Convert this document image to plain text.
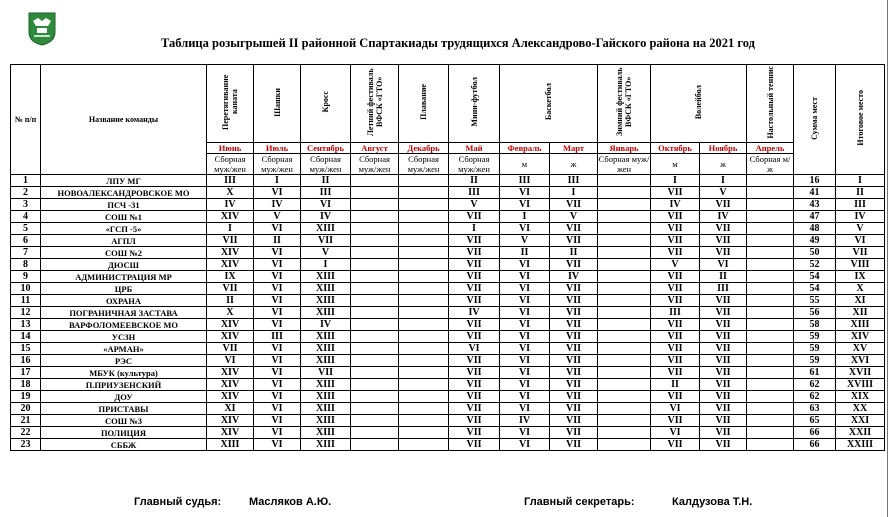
Таблица розыгрышей II районной Спартакиады трудящихся Александрово-Гайского района на 2021 год
№ п/п	Название команды	Перетягивание каната	Шашки	Кросс	Летний фестиваль ВФСК «ГТО»	Плавание	Мини-футбол	Баскетбол		Зимний фестиваль ВФСК «ГТО»	Волейбол		Настольный теннис	Сумма мест	Итоговое место
		Июнь	Июль	Сентябрь	Август	Декабрь	Май	Февраль	Март	Январь	Октябрь	Ноябрь	Апрель		
		Сборная муж/жен	Сборная муж/жен	Сборная муж/жен	Сборная муж/жен	Сборная муж/жен	Сборная муж/жен	м	ж	Сборная муж/жен	м	ж	Сборная м/ж		
1	ЛПУ МГ	III	I	II			II	III	III		I	I		16	I
2	НОВОАЛЕКСАНДРОВСКОЕ МО	X	VI	III			III	VI	I		VII	V		41	II
3	ПСЧ -31	IV	IV	VI			V	VI	VII		IV	VII		43	III
4	СОШ №1	XIV	V	IV			VII	I	V		VII	IV		47	IV
5	«ГСП -5»	I	VI	XIII			I	VI	VII		VII	VII		48	V
6	АГПЛ	VII	II	VII			VII	V	VII		VII	VII		49	VI
7	СОШ №2	XIV	VI	V			VII	II	II		VII	VII		50	VII
8	ДЮСШ	XIV	VI	I			VII	VI	VII		V	VI		52	VIII
9	АДМИНИСТРАЦИЯ МР	IX	VI	XIII			VII	VI	IV		VII	II		54	IX
10	ЦРБ	VII	VI	XIII			VII	VI	VII		VII	III		54	X
11	ОХРАНА	II	VI	XIII			VII	VI	VII		VII	VII		55	XI
12	ПОГРАНИЧНАЯ ЗАСТАВА	X	VI	XIII			IV	VI	VII		III	VII		56	XII
13	ВАРФОЛОМЕЕВСКОЕ МО	XIV	VI	IV			VII	VI	VII		VII	VII		58	XIII
14	УСЗН	XIV	III	XIII			VII	VI	VII		VII	VII		59	XIV
15	«АРМАН»	VII	VI	XIII			VI	VI	VII		VII	VII		59	XV
16	РЭС	VI	VI	XIII			VII	VI	VII		VII	VII		59	XVI
17	МБУК (культура)	XIV	VI	VII			VII	VI	VII		VII	VII		61	XVII
18	П.ПРИУЗЕНСКИЙ	XIV	VI	XIII			VII	VI	VII		II	VII		62	XVIII
19	ДОУ	XIV	VI	XIII			VII	VI	VII		VII	VII		62	XIX
20	ПРИСТАВЫ	XI	VI	XIII			VII	VI	VII		VI	VII		63	XX
21	СОШ №3	XIV	VI	XIII			VII	IV	VII		VII	VII		65	XXI
22	ПОЛИЦИЯ	XIV	VI	XIII			VII	VI	VII		VI	VII		66	XXII
23	СББЖ	XIII	VI	XIII			VII	VI	VII		VII	VII		66	XXIII
Главный судья:	Масляков А.Ю.	Главный секретарь:	Калдузова Т.Н.
